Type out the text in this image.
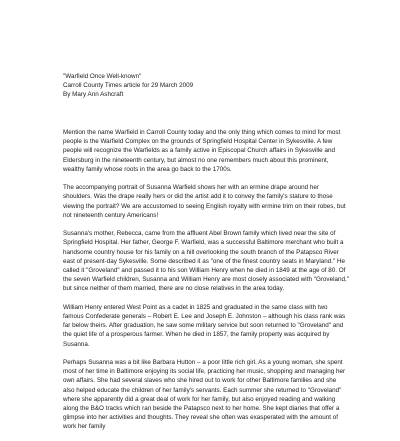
"Warfield Once Well-known"
Carroll County Times article for 29 March 2009
By Mary Ann Ashcraft

Mention the name Warfield in Carroll County today and the only thing which comes to mind for most people is the Warfield Complex on the grounds of Springfield Hospital Center in Sykesville. A few people will recognize the Warfields as a family active in Episcopal Church affairs in Sykesville and Eldersburg in the nineteenth century, but almost no one remembers much about this prominent, wealthy family whose roots in the area go back to the 1700s.

The accompanying portrait of Susanna Warfield shows her with an ermine drape around her shoulders. Was the drape really hers or did the artist add it to convey the family's stature to those viewing the portrait? We are accustomed to seeing English royalty with ermine trim on their robes, but not nineteenth century Americans!

Susanna's mother, Rebecca, came from the affluent Abel Brown family which lived near the site of Springfield Hospital. Her father, George F. Warfield, was a successful Baltimore merchant who built a handsome country house for his family on a hill overlooking the south branch of the Patapsco River east of present-day Sykesville. Some described it as "one of the finest country seats in Maryland." He called it "Groveland" and passed it to his son William Henry when he died in 1849 at the age of 80. Of the seven Warfield children, Susanna and William Henry are most closely associated with "Groveland," but since neither of them married, there are no close relatives in the area today.

William Henry entered West Point as a cadet in 1825 and graduated in the same class with two famous Confederate generals – Robert E. Lee and Joseph E. Johnston – although his class rank was far below theirs. After graduation, he saw some military service but soon returned to "Groveland" and the quiet life of a prosperous farmer. When he died in 1857, the family property was acquired by Susanna.

Perhaps Susanna was a bit like Barbara Hutton – a poor little rich girl. As a young woman, she spent most of her time in Baltimore enjoying its social life, practicing her music, shopping and managing her own affairs. She had several slaves who she hired out to work for other Baltimore families and she also helped educate the children of her family's servants. Each summer she returned to "Groveland" where she apparently did a great deal of work for her family, but also enjoyed reading and walking along the B&O tracks which ran beside the Patapsco next to her home. She kept diaries that offer a glimpse into her activities and thoughts. They reveal she often was exasperated with the amount of work her family
